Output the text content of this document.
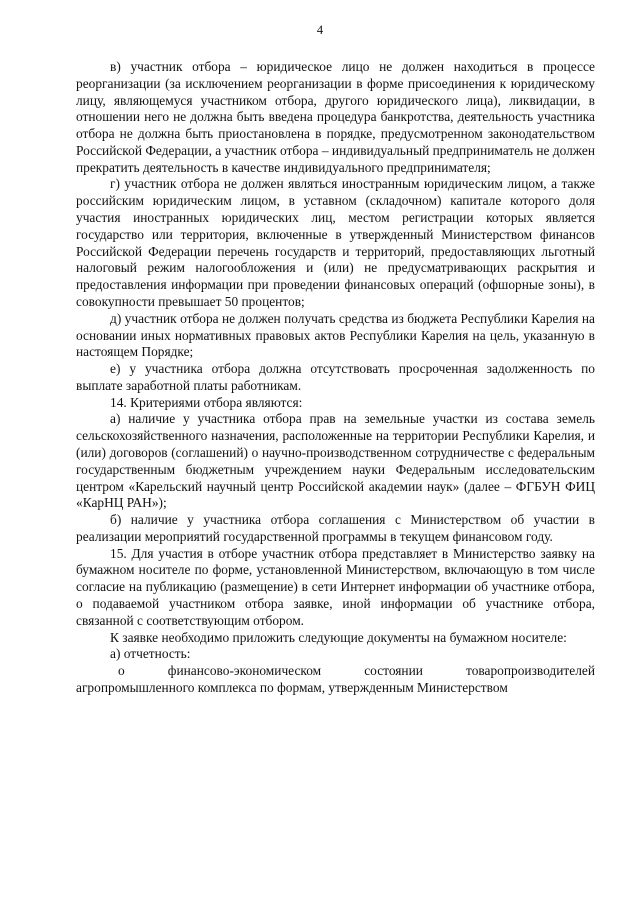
4

в) участник отбора – юридическое лицо не должен находиться в процессе реорганизации (за исключением реорганизации в форме присоединения к юридическому лицу, являющемуся участником отбора, другого юридического лица), ликвидации, в отношении него не должна быть введена процедура банкротства, деятельность участника отбора не должна быть приостановлена в порядке, предусмотренном законодательством Российской Федерации, а участник отбора – индивидуальный предприниматель не должен прекратить деятельность в качестве индивидуального предпринимателя;

г) участник отбора не должен являться иностранным юридическим лицом, а также российским юридическим лицом, в уставном (складочном) капитале которого доля участия иностранных юридических лиц, местом регистрации которых является государство или территория, включенные в утвержденный Министерством финансов Российской Федерации перечень государств и территорий, предоставляющих льготный налоговый режим налогообложения и (или) не предусматривающих раскрытия и предоставления информации при проведении финансовых операций (офшорные зоны), в совокупности превышает 50 процентов;

д) участник отбора не должен получать средства из бюджета Республики Карелия на основании иных нормативных правовых актов Республики Карелия на цель, указанную в настоящем Порядке;

е) у участника отбора должна отсутствовать просроченная задолженность по выплате заработной платы работникам.

14. Критериями отбора являются:

а) наличие у участника отбора прав на земельные участки из состава земель сельскохозяйственного назначения, расположенные на территории Республики Карелия, и (или) договоров (соглашений) о научно-производственном сотрудничестве с федеральным государственным бюджетным учреждением науки Федеральным исследовательским центром «Карельский научный центр Российской академии наук» (далее – ФГБУН ФИЦ «КарНЦ РАН»);

б) наличие у участника отбора соглашения с Министерством об участии в реализации мероприятий государственной программы в текущем финансовом году.

15. Для участия в отборе участник отбора представляет в Министерство заявку на бумажном носителе по форме, установленной Министерством, включающую в том числе согласие на публикацию (размещение) в сети Интернет информации об участнике отбора, о подаваемой участником отбора заявке, иной информации об участнике отбора, связанной с соответствующим отбором.

К заявке необходимо приложить следующие документы на бумажном носителе:

а) отчетность:

о финансово-экономическом состоянии товаропроизводителей агропромышленного комплекса по формам, утвержденным Министерством
